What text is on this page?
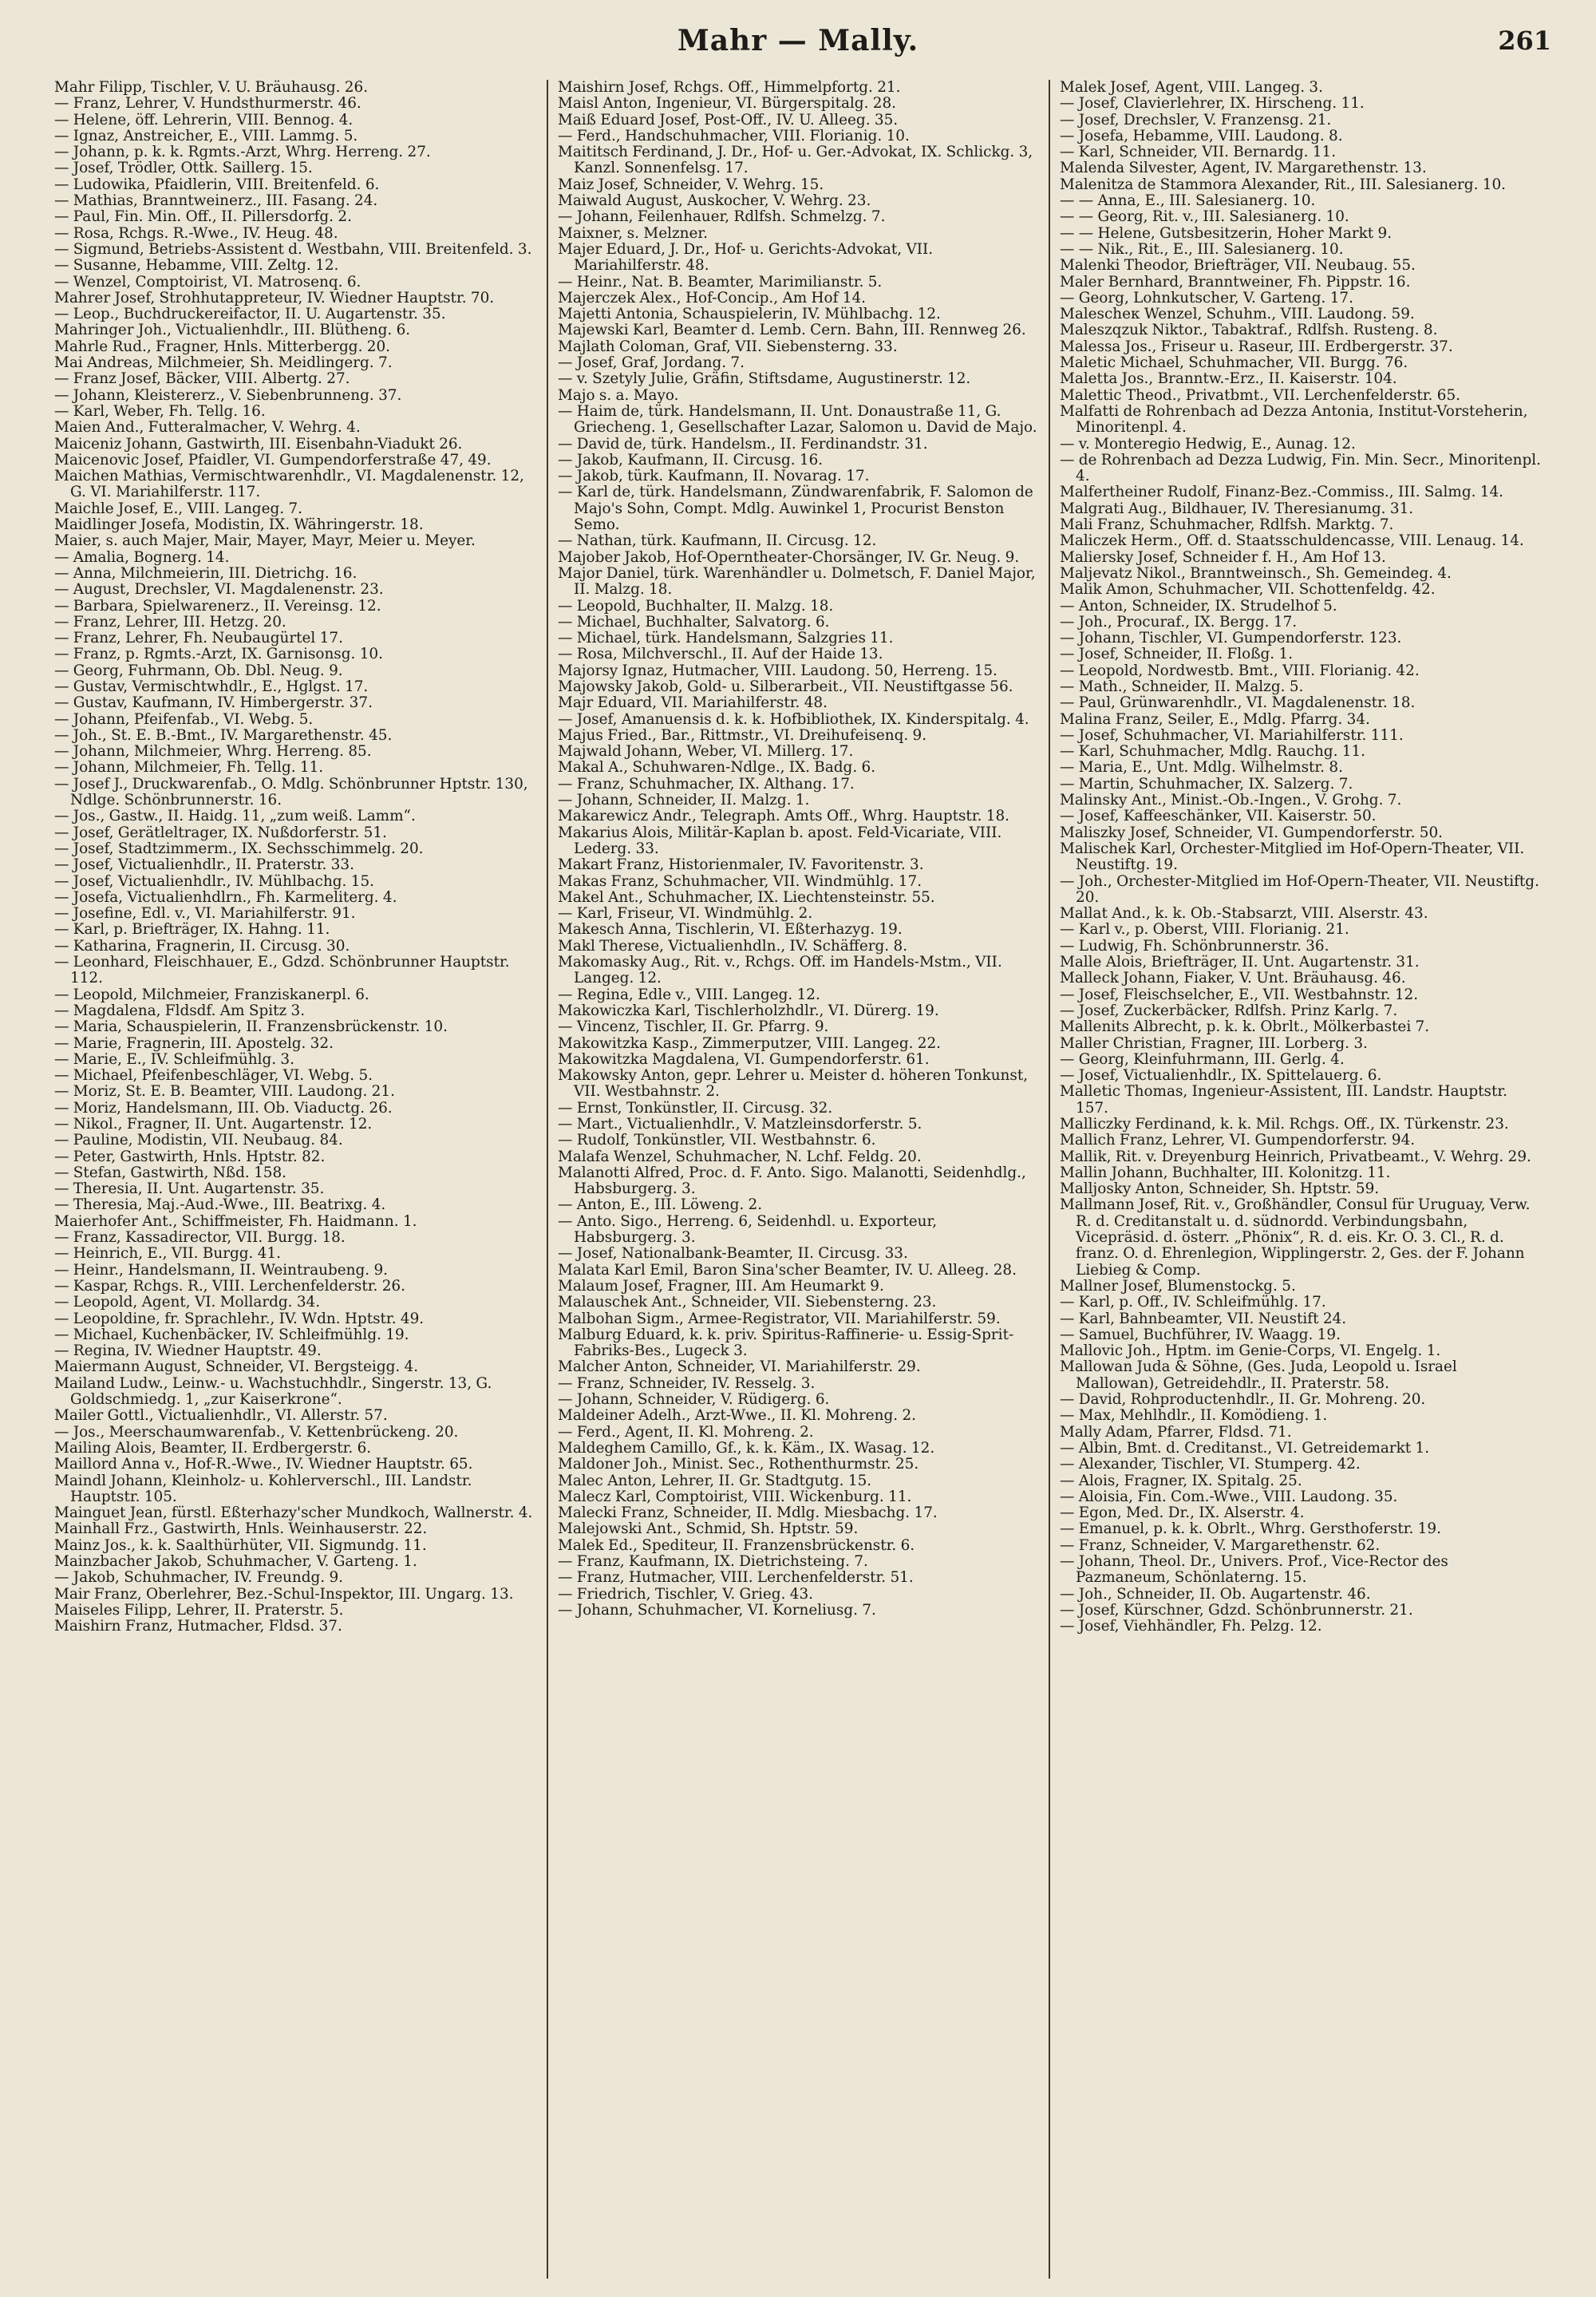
Mahr — Mally.	261
Mahr Filipp, Tischler, V. U. Bräuhausg. 26.
— Franz, Lehrer, V. Hundsthurmerstr. 46.
— Helene, öff. Lehrerin, VIII. Bennog. 4.
— Ignaz, Anstreicher, E., VIII. Lammg. 5.
— Johann, p. k. k. Rgmts.-Arzt, Whrg. Herreng. 27.
— Josef, Trödler, Ottk. Saillerg. 15.
— Ludowika, Pfaidlerin, VIII. Breitenfeld. 6.
— Mathias, Branntweinerz., III. Fasang. 24.
— Paul, Fin. Min. Off., II. Pillersdorfg. 2.
— Rosa, Rchgs. R.-Wwe., IV. Heug. 48.
— Sigmund, Betriebs-Assistent d. Westbahn, VIII. Breitenfeld. 3.
— Susanne, Hebamme, VIII. Zeltg. 12.
— Wenzel, Comptoirist, VI. Matrosenq. 6.
Mahrer Josef, Strohhutappreteur, IV. Wiedner Hauptstr. 70.
— Leop., Buchdruckereifactor, II. U. Augartenstr. 35.
Mahringer Joh., Victualienhdlr., III. Blütheng. 6.
Mahrle Rud., Fragner, Hnls. Mitterbergg. 20.
Mai Andreas, Milchmeier, Sh. Meidlingerg. 7.
— Franz Josef, Bäcker, VIII. Albertg. 27.
— Johann, Kleistererz., V. Siebenbrunneng. 37.
— Karl, Weber, Fh. Tellg. 16.
Maien And., Futteralmacher, V. Wehrg. 4.
Maiceniz Johann, Gastwirth, III. Eisenbahn-Viadukt 26.
Maicenovic Josef, Pfaidler, VI. Gumpendorferstraße 47, 49.
Maichen Mathias, Vermischtwarenhdlr., VI. Magdalenenstr. 12, G. VI. Mariahilferstr. 117.
Maichle Josef, E., VIII. Langeg. 7.
Maidlinger Josefa, Modistin, IX. Währingerstr. 18.
Maier, s. auch Majer, Mair, Mayer, Mayr, Meier u. Meyer.
— Amalia, Bognerg. 14.
— Anna, Milchmeierin, III. Dietrichg. 16.
— August, Drechsler, VI. Magdalenenstr. 23.
— Barbara, Spielwarenerz., II. Vereinsg. 12.
— Franz, Lehrer, III. Hetzg. 20.
— Franz, Lehrer, Fh. Neubaugürtel 17.
— Franz, p. Rgmts.-Arzt, IX. Garnisonsg. 10.
— Georg, Fuhrmann, Ob. Dbl. Neug. 9.
— Gustav, Vermischtwhdlr., E., Hglgst. 17.
— Gustav, Kaufmann, IV. Himbergerstr. 37.
— Johann, Pfeifenfab., VI. Webg. 5.
— Joh., St. E. B.-Bmt., IV. Margarethenstr. 45.
— Johann, Milchmeier, Whrg. Herreng. 85.
— Johann, Milchmeier, Fh. Tellg. 11.
— Josef J., Druckwarenfab., O. Mdlg. Schönbrunner Hptstr. 130, Ndlge. Schönbrunnerstr. 16.
— Jos., Gastw., II. Haidg. 11, „zum weiß. Lamm“.
— Josef, Gerätleltrager, IX. Nußdorferstr. 51.
— Josef, Stadtzimmerm., IX. Sechsschimmelg. 20.
— Josef, Victualienhdlr., II. Praterstr. 33.
— Josef, Victualienhdlr., IV. Mühlbachg. 15.
— Josefa, Victualienhdlrn., Fh. Karmeliterg. 4.
— Josefine, Edl. v., VI. Mariahilferstr. 91.
— Karl, p. Briefträger, IX. Hahng. 11.
— Katharina, Fragnerin, II. Circusg. 30.
— Leonhard, Fleischhauer, E., Gdzd. Schönbrunner Hauptstr. 112.
— Leopold, Milchmeier, Franziskanerpl. 6.
— Magdalena, Fldsdf. Am Spitz 3.
— Maria, Schauspielerin, II. Franzensbrückenstr. 10.
— Marie, Fragnerin, III. Apostelg. 32.
— Marie, E., IV. Schleifmühlg. 3.
— Michael, Pfeifenbeschläger, VI. Webg. 5.
— Moriz, St. E. B. Beamter, VIII. Laudong. 21.
— Moriz, Handelsmann, III. Ob. Viaductg. 26.
— Nikol., Fragner, II. Unt. Augartenstr. 12.
— Pauline, Modistin, VII. Neubaug. 84.
— Peter, Gastwirth, Hnls. Hptstr. 82.
— Stefan, Gastwirth, Nßd. 158.
— Theresia, II. Unt. Augartenstr. 35.
— Theresia, Maj.-Aud.-Wwe., III. Beatrixg. 4.
Maierhofer Ant., Schiffmeister, Fh. Haidmann. 1.
— Franz, Kassadirector, VII. Burgg. 18.
— Heinrich, E., VII. Burgg. 41.
— Heinr., Handelsmann, II. Weintraubeng. 9.
— Kaspar, Rchgs. R., VIII. Lerchenfelderstr. 26.
— Leopold, Agent, VI. Mollardg. 34.
— Leopoldine, fr. Sprachlehr., IV. Wdn. Hptstr. 49.
— Michael, Kuchenbäcker, IV. Schleifmühlg. 19.
— Regina, IV. Wiedner Hauptstr. 49.
Maiermann August, Schneider, VI. Bergsteigg. 4.
Mailand Ludw., Leinw.- u. Wachstuchhdlr., Singerstr. 13, G. Goldschmiedg. 1, „zur Kaiserkrone“.
Mailer Gottl., Victualienhdlr., VI. Allerstr. 57.
— Jos., Meerschaumwarenfab., V. Kettenbrückeng. 20.
Mailing Alois, Beamter, II. Erdbergerstr. 6.
Maillord Anna v., Hof-R.-Wwe., IV. Wiedner Hauptstr. 65.
Maindl Johann, Kleinholz- u. Kohlerverschl., III. Landstr. Hauptstr. 105.
Mainguet Jean, fürstl. Eßterhazy'scher Mundkoch, Wallnerstr. 4.
Mainhall Frz., Gastwirth, Hnls. Weinhauserstr. 22.
Mainz Jos., k. k. Saalthürhüter, VII. Sigmundg. 11.
Mainzbacher Jakob, Schuhmacher, V. Garteng. 1.
— Jakob, Schuhmacher, IV. Freundg. 9.
Mair Franz, Oberlehrer, Bez.-Schul-Inspektor, III. Ungarg. 13.
Maiseles Filipp, Lehrer, II. Praterstr. 5.
Maishirn Franz, Hutmacher, Fldsd. 37.
Maishirn Josef, Rchgs. Off., Himmelpfortg. 21.
Maisl Anton, Ingenieur, VI. Bürgerspitalg. 28.
Maiß Eduard Josef, Post-Off., IV. U. Alleeg. 35.
— Ferd., Handschuhmacher, VIII. Florianig. 10.
Maititsch Ferdinand, J. Dr., Hof- u. Ger.-Advokat, IX. Schlickg. 3, Kanzl. Sonnenfelsg. 17.
Maiz Josef, Schneider, V. Wehrg. 15.
Maiwald August, Auskocher, V. Wehrg. 23.
— Johann, Feilenhauer, Rdlfsh. Schmelzg. 7.
Maixner, s. Melzner.
Majer Eduard, J. Dr., Hof- u. Gerichts-Advokat, VII. Mariahilferstr. 48.
— Heinr., Nat. B. Beamter, Marimilianstr. 5.
Majerczek Alex., Hof-Concip., Am Hof 14.
Majetti Antonia, Schauspielerin, IV. Mühlbachg. 12.
Majewski Karl, Beamter d. Lemb. Cern. Bahn, III. Rennweg 26.
Majlath Coloman, Graf, VII. Siebensterng. 33.
— Josef, Graf, Jordang. 7.
— v. Szetyly Julie, Gräfin, Stiftsdame, Augustinerstr. 12.
Majo s. a. Mayo.
— Haim de, türk. Handelsmann, II. Unt. Donaustraße 11, G. Griecheng. 1, Gesellschafter Lazar, Salomon u. David de Majo.
— David de, türk. Handelsm., II. Ferdinandstr. 31.
— Jakob, Kaufmann, II. Circusg. 16.
— Jakob, türk. Kaufmann, II. Novarag. 17.
— Karl de, türk. Handelsmann, Zündwarenfabrik, F. Salomon de Majo's Sohn, Compt. Mdlg. Auwinkel 1, Procurist Benston Semo.
— Nathan, türk. Kaufmann, II. Circusg. 12.
Majober Jakob, Hof-Opernthеater-Chorsänger, IV. Gr. Neug. 9.
Major Daniel, türk. Warenhändler u. Dolmetsch, F. Daniel Major, II. Malzg. 18.
— Leopold, Buchhalter, II. Malzg. 18.
— Michael, Buchhalter, Salvatorg. 6.
— Michael, türk. Handelsmann, Salzgries 11.
— Rosa, Milchverschl., II. Auf der Haide 13.
Majorsy Ignaz, Hutmacher, VIII. Laudong. 50, Herreng. 15.
Majowsky Jakob, Gold- u. Silberarbeit., VII. Neustiftgasse 56.
Majr Eduard, VII. Mariahilferstr. 48.
— Josef, Amanuensis d. k. k. Hofbibliothek, IX. Kinderspitalg. 4.
Majus Fried., Bar., Rittmstr., VI. Dreihufeisenq. 9.
Majwald Johann, Weber, VI. Millerg. 17.
Makal A., Schuhwaren-Ndlge., IX. Badg. 6.
— Franz, Schuhmacher, IX. Althang. 17.
— Johann, Schneider, II. Malzg. 1.
Makarewicz Andr., Telegraph. Amts Off., Whrg. Hauptstr. 18.
Makarius Alois, Militär-Kaplan b. apost. Feld-Vicariate, VIII. Lederg. 33.
Makart Franz, Historienmaler, IV. Favoritenstr. 3.
Makas Franz, Schuhmacher, VII. Windmühlg. 17.
Makel Ant., Schuhmacher, IX. Liechtensteinstr. 55.
— Karl, Friseur, VI. Windmühlg. 2.
Makesch Anna, Tischlerin, VI. Eßterhazyg. 19.
Makl Therese, Victualienhdln., IV. Schäfferg. 8.
Makomasky Aug., Rit. v., Rchgs. Off. im Handels-Mstm., VII. Langeg. 12.
— Regina, Edle v., VIII. Langeg. 12.
Makowiczka Karl, Tischlerholzhdlr., VI. Dürerg. 19.
— Vincenz, Tischler, II. Gr. Pfarrg. 9.
Makowitzka Kasp., Zimmerputzer, VIII. Langeg. 22.
Makowitzka Magdalena, VI. Gumpendorferstr. 61.
Makowsky Anton, gepr. Lehrer u. Meister d. höheren Tonkunst, VII. Westbahnstr. 2.
— Ernst, Tonkünstler, II. Circusg. 32.
— Mart., Victualienhdlr., V. Matzleinsdorferstr. 5.
— Rudolf, Tonkünstler, VII. Westbahnstr. 6.
Malafa Wenzel, Schuhmacher, N. Lchf. Feldg. 20.
Malanotti Alfred, Proc. d. F. Anto. Sigo. Malanotti, Seidenhdlg., Habsburgerg. 3.
— Anton, E., III. Löweng. 2.
— Anto. Sigo., Herreng. 6, Seidenhdl. u. Exporteur, Habsburgerg. 3.
— Josef, Nationalbank-Beamter, II. Circusg. 33.
Malata Karl Emil, Baron Sina'scher Beamter, IV. U. Alleeg. 28.
Malaum Josef, Fragner, III. Am Heumarkt 9.
Malauschek Ant., Schneider, VII. Siebensterng. 23.
Malbohan Sigm., Armee-Registrator, VII. Mariahilferstr. 59.
Malburg Eduard, k. k. priv. Spiritus-Raffinerie- u. Essig-Sprit-Fabriks-Bes., Lugeck 3.
Malcher Anton, Schneider, VI. Mariahilferstr. 29.
— Franz, Schneider, IV. Resselg. 3.
— Johann, Schneider, V. Rüdigerg. 6.
Maldeiner Adelh., Arzt-Wwe., II. Kl. Mohreng. 2.
— Ferd., Agent, II. Kl. Mohreng. 2.
Maldeghem Camillo, Gf., k. k. Käm., IX. Wasag. 12.
Maldoner Joh., Minist. Sec., Rothenthurmstr. 25.
Malec Anton, Lehrer, II. Gr. Stadtgutg. 15.
Malecz Karl, Comptoirist, VIII. Wickenburg. 11.
Malecki Franz, Schneider, II. Mdlg. Miesbachg. 17.
Malejowski Ant., Schmid, Sh. Hptstr. 59.
Malek Ed., Spediteur, II. Franzensbrückenstr. 6.
— Franz, Kaufmann, IX. Dietrichsteing. 7.
— Franz, Hutmacher, VIII. Lerchenfelderstr. 51.
— Friedrich, Tischler, V. Grieg. 43.
— Johann, Schuhmacher, VI. Korneliusg. 7.
Malek Josef, Agent, VIII. Langeg. 3.
— Josef, Clavierlehrer, IX. Hirscheng. 11.
— Josef, Drechsler, V. Franzensg. 21.
— Josefa, Hebamme, VIII. Laudong. 8.
— Karl, Schneider, VII. Bernardg. 11.
Malenda Silvester, Agent, IV. Margarethenstr. 13.
Malenitza de Stammora Alexander, Rit., III. Salesianerg. 10.
— — Anna, E., III. Salesianerg. 10.
— — Georg, Rit. v., III. Salesianerg. 10.
— — Helene, Gutsbesitzerin, Hoher Markt 9.
— — Nik., Rit., E., III. Salesianerg. 10.
Malenki Theodor, Briefträger, VII. Neubaug. 55.
Maler Bernhard, Branntweiner, Fh. Pippstr. 16.
— Georg, Lohnkutscher, V. Garteng. 17.
Malescheк Wenzel, Schuhm., VIII. Laudong. 59.
Maleszqzuk Niktor., Tabaktraf., Rdlfsh. Rustеng. 8.
Malessa Jos., Friseur u. Rasеur, III. Erdbergerstr. 37.
Maletic Michael, Schuhmacher, VII. Burgg. 76.
Maletta Jos., Branntw.-Erz., II. Kaiserstr. 104.
Malettic Theod., Privatbmt., VII. Lerchenfelderstr. 65.
Malfatti de Rohrenbach ad Dezza Antonia, Institut-Vorsteherin, Minoritenpl. 4.
— v. Monteregio Hedwig, E., Aunag. 12.
— de Rohrenbach ad Dezza Ludwig, Fin. Min. Secr., Minoritenpl. 4.
Malfertheiner Rudolf, Finanz-Bez.-Commiss., III. Salmg. 14.
Malgrati Aug., Bildhauer, IV. Theresianumg. 31.
Mali Franz, Schuhmacher, Rdlfsh. Marktg. 7.
Maliczek Herm., Off. d. Staatsschuldencasse, VIII. Lenaug. 14.
Maliersky Josef, Schneider f. H., Am Hof 13.
Maljevatz Nikol., Branntweinsch., Sh. Gemeindeg. 4.
Malik Amon, Schuhmacher, VII. Schottenfeldg. 42.
— Anton, Schneider, IX. Strudelhof 5.
— Joh., Procuraf., IX. Bergg. 17.
— Johann, Tischler, VI. Gumpendorferstr. 123.
— Josef, Schneider, II. Floßg. 1.
— Leopold, Nordwestb. Bmt., VIII. Florianig. 42.
— Math., Schneider, II. Malzg. 5.
— Paul, Grünwarenhdlr., VI. Magdalenenstr. 18.
Malina Franz, Seiler, E., Mdlg. Pfarrg. 34.
— Josef, Schuhmacher, VI. Mariahilferstr. 111.
— Karl, Schuhmacher, Mdlg. Rauchg. 11.
— Maria, E., Unt. Mdlg. Wilhelmstr. 8.
— Martin, Schuhmacher, IX. Salzerg. 7.
Malinsky Ant., Minist.-Ob.-Ingen., V. Grohg. 7.
— Josef, Kaffeeschänker, VII. Kaiserstr. 50.
Maliszky Josef, Schneider, VI. Gumpendorferstr. 50.
Malischek Karl, Orchester-Mitglied im Hof-Opern-Theater, VII. Neustiftg. 19.
— Joh., Orchester-Mitglied im Hof-Opern-Theater, VII. Neustiftg. 20.
Mallat And., k. k. Ob.-Stabsarzt, VIII. Alserstr. 43.
— Karl v., p. Oberst, VIII. Florianig. 21.
— Ludwig, Fh. Schönbrunnerstr. 36.
Malle Alois, Briefträger, II. Unt. Augartenstr. 31.
Malleck Johann, Fiaker, V. Unt. Bräuhausg. 46.
— Josef, Fleischselcher, E., VII. Westbahnstr. 12.
— Josef, Zuckerbäcker, Rdlfsh. Prinz Karlg. 7.
Mallenits Albrecht, p. k. k. Obrlt., Mölkerbastei 7.
Maller Christian, Fragner, III. Lorberg. 3.
— Georg, Kleinfuhrmann, III. Gerlg. 4.
— Josef, Victualienhdlr., IX. Spittelauerg. 6.
Malletic Thomas, Ingenieur-Assistent, III. Landstr. Hauptstr. 157.
Malliczky Ferdinand, k. k. Mil. Rchgs. Off., IX. Türkenstr. 23.
Mallich Franz, Lehrer, VI. Gumpendorferstr. 94.
Mallik, Rit. v. Dreyenburg Heinrich, Privatbeamt., V. Wehrg. 29.
Mallin Johann, Buchhalter, III. Kolonitzg. 11.
Malljosky Anton, Schneider, Sh. Hptstr. 59.
Mallmann Josef, Rit. v., Großhändler, Consul für Uruguay, Verw. R. d. Creditanstalt u. d. südnordd. Verbindungsbahn, Vicepräsid. d. österr. „Phönix“, R. d. eis. Kr. O. 3. Cl., R. d. franz. O. d. Ehrenlegion, Wipplingerstr. 2, Ges. der F. Johann Liebieg & Comp.
Mallner Josef, Blumenstockg. 5.
— Karl, p. Off., IV. Schleifmühlg. 17.
— Karl, Bahnbeamter, VII. Neustift 24.
— Samuel, Buchführer, IV. Waagg. 19.
Mallovic Joh., Hptm. im Genie-Corps, VI. Engelg. 1.
Mallowan Juda & Söhne, (Ges. Juda, Leopold u. Israel Mallowan), Getreidehdlr., II. Praterstr. 58.
— David, Rohproductenhdlr., II. Gr. Mohreng. 20.
— Max, Mehlhdlr., II. Komödieng. 1.
Mally Adam, Pfarrer, Fldsd. 71.
— Albin, Bmt. d. Creditanst., VI. Getreidemarkt 1.
— Alexander, Tischler, VI. Stumperg. 42.
— Alois, Fragner, IX. Spitalg. 25.
— Aloisia, Fin. Com.-Wwe., VIII. Laudong. 35.
— Egon, Med. Dr., IX. Alserstr. 4.
— Emanuel, p. k. k. Obrlt., Whrg. Gersthoferstr. 19.
— Franz, Schneider, V. Margarethenstr. 62.
— Johann, Theol. Dr., Univers. Prof., Vice-Rector des Pazmaneum, Schönlaterng. 15.
— Joh., Schneider, II. Ob. Augartenstr. 46.
— Josef, Kürschner, Gdzd. Schönbrunnerstr. 21.
— Josef, Viehhändler, Fh. Pelzg. 12.
